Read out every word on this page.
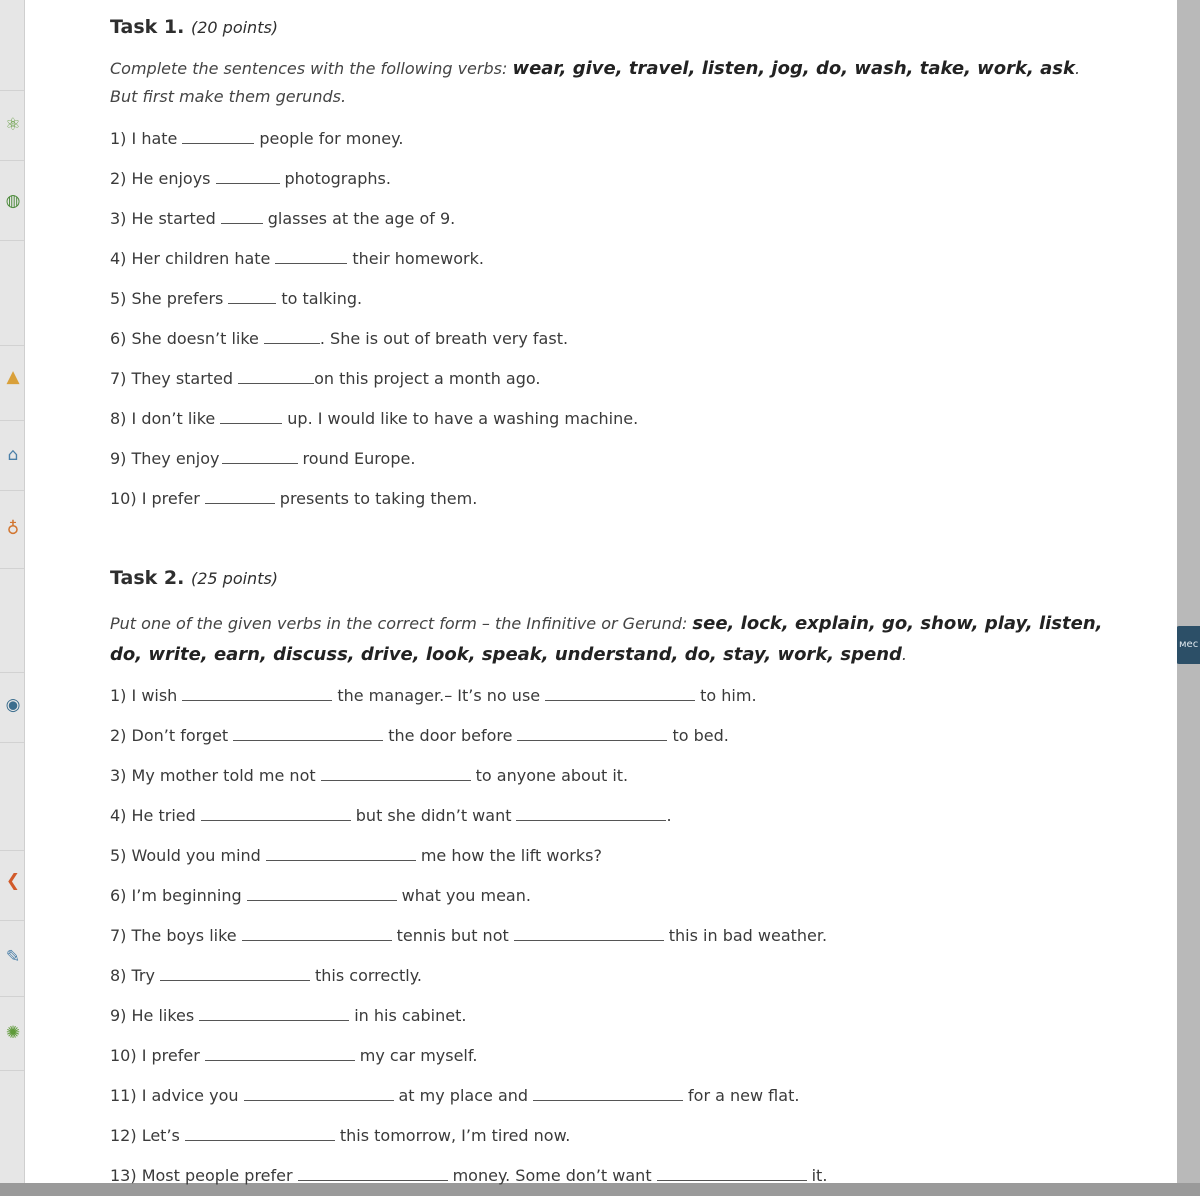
⚛
◍
▲
⌂
♁
◉
❮
✎
✺
мес
Task 1. (20 points)

Complete the sentences with the following verbs: wear, give, travel, listen, jog, do, wash, take, work, ask. But first make them gerunds.

1) I hate	people for money.
2) He enjoys	photographs.
3) He started	glasses at the age of 9.
4) Her children hate	their homework.
5) She prefers	to talking.
6) She doesn’t like	. She is out of breath very fast.
7) They started	on this project a month ago.
8) I don’t like	up. I would like to have a washing machine.
9) They enjoy	round Europe.
10) I prefer	presents to taking them.
Task 2. (25 points)

Put one of the given verbs in the correct form – the Infinitive or Gerund: see, lock, explain, go, show, play, listen, do, write, earn, discuss, drive, look, speak, understand, do, stay, work, spend.

1) I wish	the manager.– It’s no use	to him.
2) Don’t forget	the door before	to bed.
3) My mother told me not	to anyone about it.
4) He tried	but she didn’t want	.
5) Would you mind	me how the lift works?
6) I’m beginning	what you mean.
7) The boys like	tennis but not	this in bad weather.
8) Try	this correctly.
9) He likes	in his cabinet.
10) I prefer	my car myself.
11) I advice you	at my place and	for a new flat.
12) Let’s	this tomorrow, I’m tired now.
13) Most people prefer	money. Some don’t want	it.
